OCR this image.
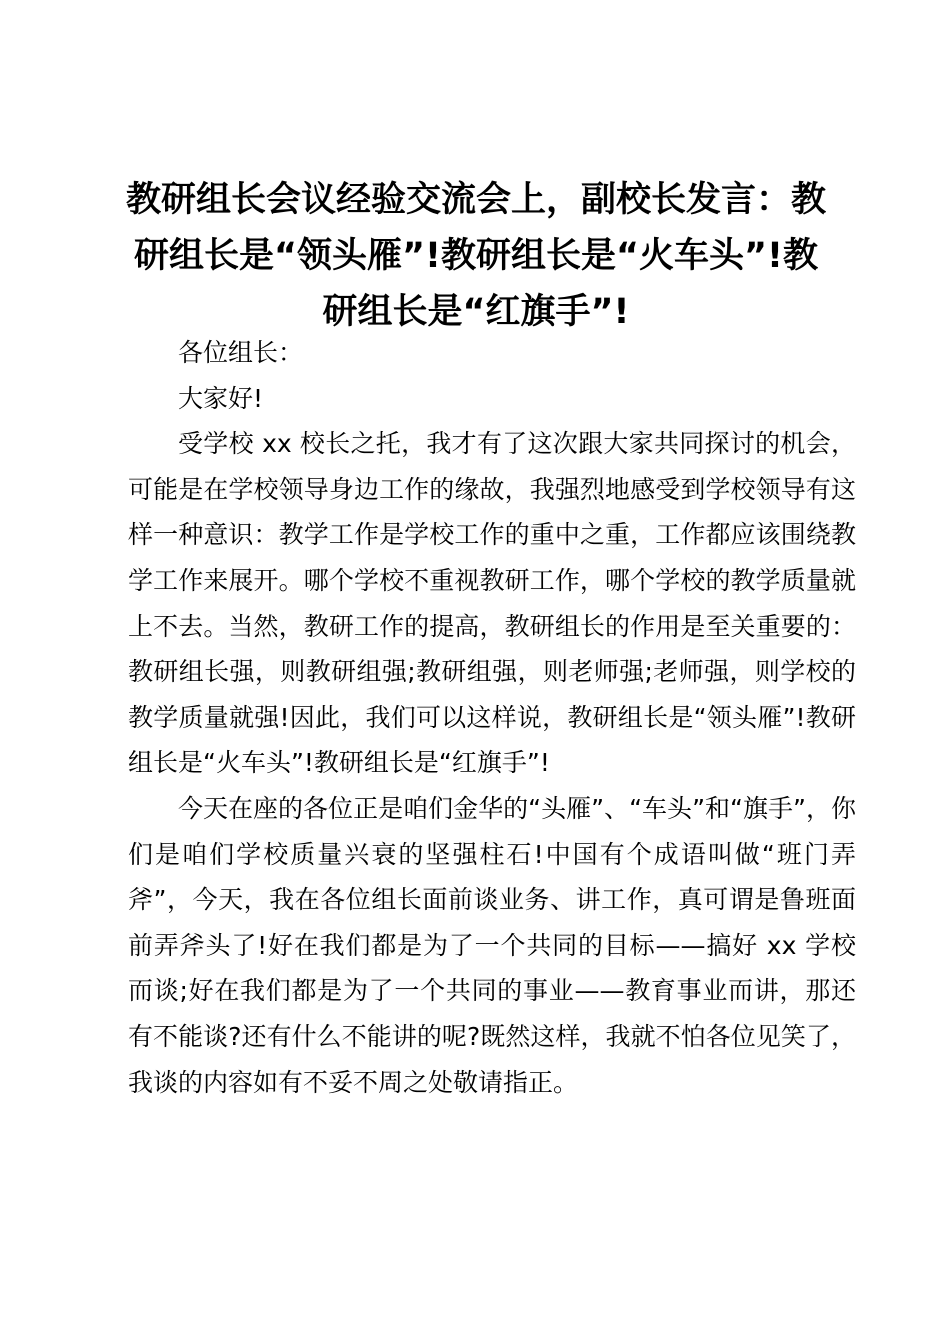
教研组长会议经验交流会上，副校长发言：教研组长是“领头雁”!教研组长是“火车头”!教研组长是“红旗手”!

各位组长：

大家好!

受学校 xx 校长之托，我才有了这次跟大家共同探讨的机会，可能是在学校领导身边工作的缘故，我强烈地感受到学校领导有这样一种意识：教学工作是学校工作的重中之重，工作都应该围绕教学工作来展开。哪个学校不重视教研工作，哪个学校的教学质量就上不去。当然，教研工作的提高，教研组长的作用是至关重要的：教研组长强，则教研组强;教研组强，则老师强;老师强，则学校的教学质量就强!因此，我们可以这样说，教研组长是“领头雁”!教研组长是“火车头”!教研组长是“红旗手”!

今天在座的各位正是咱们金华的“头雁”、“车头”和“旗手”，你们是咱们学校质量兴衰的坚强柱石!中国有个成语叫做“班门弄斧”，今天，我在各位组长面前谈业务、讲工作，真可谓是鲁班面前弄斧头了!好在我们都是为了一个共同的目标——搞好 xx 学校而谈;好在我们都是为了一个共同的事业——教育事业而讲，那还有不能谈?还有什么不能讲的呢?既然这样，我就不怕各位见笑了，我谈的内容如有不妥不周之处敬请指正。
